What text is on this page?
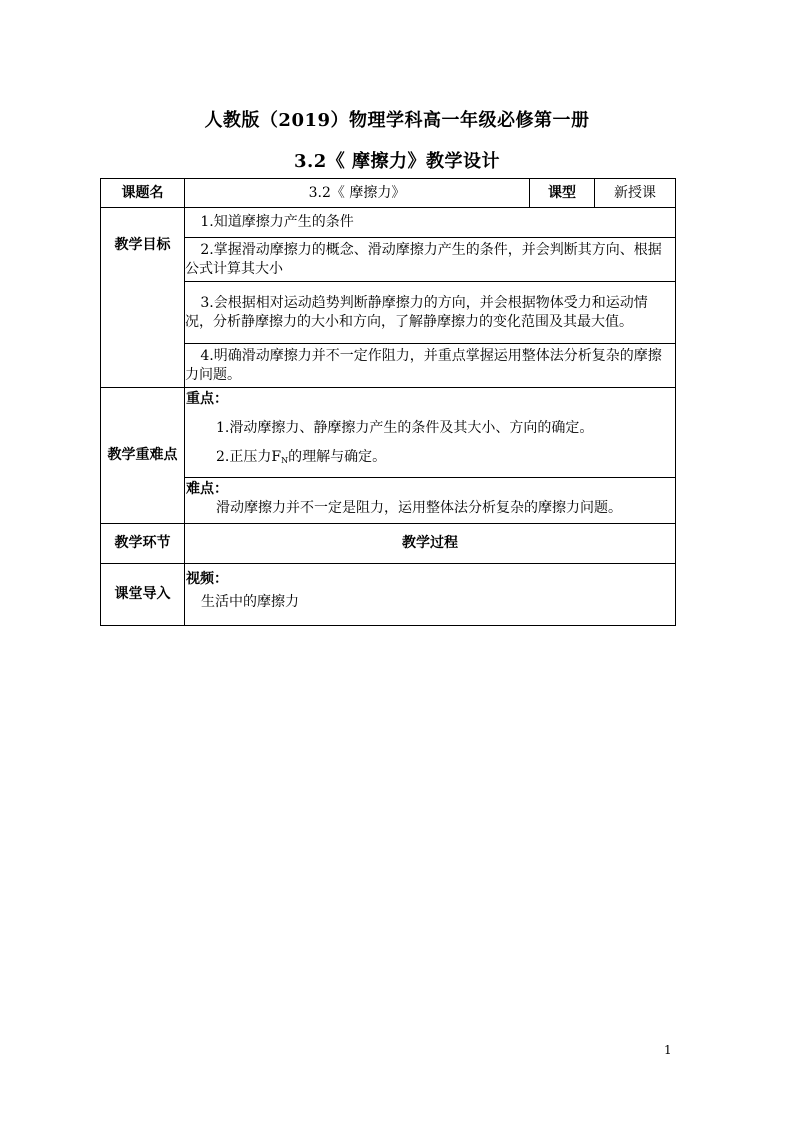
人教版（2019）物理学科高一年级必修第一册
3.2《 摩擦力》教学设计
课题名	3.2《 摩擦力》	课型	新授课
教学目标	1.知道摩擦力产生的条件		
	2.掌握滑动摩擦力的概念、滑动摩擦力产生的条件，并会判断其方向、根据公式计算其大小		
	3.会根据相对运动趋势判断静摩擦力的方向，并会根据物体受力和运动情况，分析静摩擦力的大小和方向，了解静摩擦力的变化范围及其最大值。		
	4.明确滑动摩擦力并不一定作阻力，并重点掌握运用整体法分析复杂的摩擦力问题。		
教学重难点	重点：
1.滑动摩擦力、静摩擦力产生的条件及其大小、方向的确定。
2.正压力$F_N$的理解与确定。		

	难点：
滑动摩擦力并不一定是阻力，运用整体法分析复杂的摩擦力问题。		

教学环节	教学过程		
课堂导入	视频：
生活中的摩擦力		
1
